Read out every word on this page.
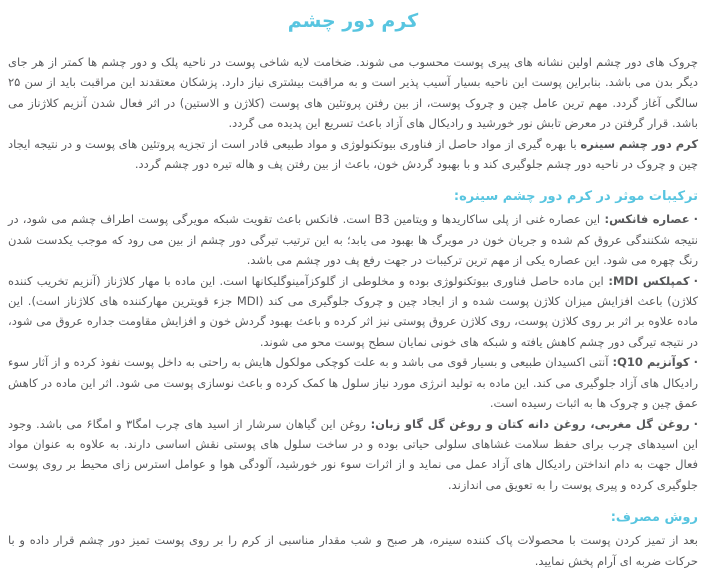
کرم دور چشم

چروک های دور چشم اولین نشانه های پیری پوست محسوب می شوند. ضخامت لایه شاخی پوست در ناحیه پلک و دور چشم ها کمتر از هر جای دیگر بدن می باشد. بنابراین پوست این ناحیه بسیار آسیب پذیر است و به مراقبت بیشتری نیاز دارد. پزشکان معتقدند این مراقبت باید از سن ۲۵ سالگی آغاز گردد. مهم ترین عامل چین و چروک پوست، از بین رفتن پروتئین های پوست (کلاژن و الاستین) در اثر فعال شدن آنزیم کلاژناز می باشد. قرار گرفتن در معرض تابش نور خورشید و رادیکال های آزاد باعث تسریع این پدیده می گردد.

کرم دور چشم سینره با بهره گیری از مواد حاصل از فناوری بیوتکنولوژی و مواد طبیعی قادر است از تجزیه پروتئین های پوست و در نتیجه ایجاد چین و چروک در ناحیه دور چشم جلوگیری کند و با بهبود گردش خون، باعث از بین رفتن پف و هاله تیره دور چشم گردد.

ترکیبات موثر در کرم دور چشم سینره:

·عصاره فانکس:این عصاره غنی از پلی ساکاریدها و ویتامین B3 است. فانکس باعث تقویت شبکه مویرگی پوست اطراف چشم می شود، در نتیجه شکنندگی عروق کم شده و جریان خون در مویرگ ها بهبود می یابد؛ به این ترتیب تیرگی دور چشم از بین می رود که موجب یکدست شدن رنگ چهره می شود. این عصاره یکی از مهم ترین ترکیبات در جهت رفع پف دور چشم می باشد.

·کمپلکس MDI:این ماده حاصل فناوری بیوتکنولوژی بوده و مخلوطی از گلوکزآمینوگلیکانها است. این ماده با مهار کلاژناز (آنزیم تخریب کننده کلاژن) باعث افزایش میزان کلاژن پوست شده و از ایجاد چین و چروک جلوگیری می کند (MDI جزء قویترین مهارکننده های کلاژناز است). این ماده علاوه بر اثر بر روی کلاژن پوست، روی کلاژن عروق پوستی نیز اثر کرده و باعث بهبود گردش خون و افزایش مقاومت جداره عروق می شود، در نتیجه تیرگی دور چشم کاهش یافته و شبکه های خونی نمایان سطح پوست محو می شوند.

·کوآنزیم Q10:آنتی اکسیدان طبیعی و بسیار قوی می باشد و به علت کوچکی مولکول هایش به راحتی به داخل پوست نفوذ کرده و از آثار سوء رادیکال های آزاد جلوگیری می کند. این ماده به تولید انرژی مورد نیاز سلول ها کمک کرده و باعث نوسازی پوست می شود. اثر این ماده در کاهش عمق چین و چروک ها به اثبات رسیده است.

·روغن گل مغربی، روغن دانه کتان و روغن گل گاو زبان:روغن این گیاهان سرشار از اسید های چرب امگا۳ و امگا۶ می باشد. وجود این اسیدهای چرب برای حفظ سلامت غشاهای سلولی حیاتی بوده و در ساخت سلول های پوستی نقش اساسی دارند. به علاوه به عنوان مواد فعال جهت به دام انداختن رادیکال های آزاد عمل می نماید و از اثرات سوء نور خورشید، آلودگی هوا و عوامل استرس زای محیط بر روی پوست جلوگیری کرده و پیری پوست را به تعویق می اندازند.

روش مصرف:

بعد از تمیز کردن پوست با محصولات پاک کننده سینره، هر صبح و شب مقدار مناسبی از کرم را بر روی پوست تمیز دور چشم قرار داده و با حرکات ضربه ای آرام پخش نمایید.
